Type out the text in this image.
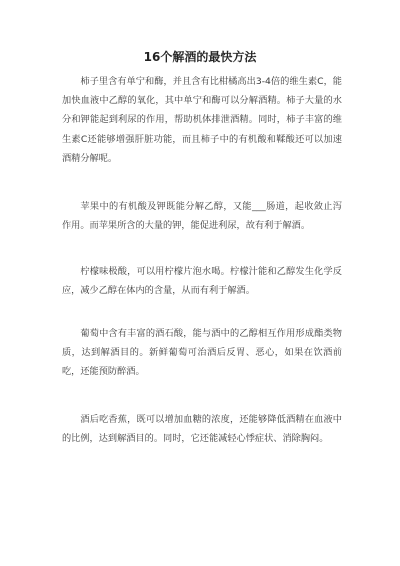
16个解酒的最快方法

柿子里含有单宁和酶，并且含有比柑橘高出3-4倍的维生素C，能加快血液中乙醇的氧化，其中单宁和酶可以分解酒精。柿子大量的水分和钾能起到利尿的作用，帮助机体排泄酒精。同时，柿子丰富的维生素C还能够增强肝脏功能，而且柿子中的有机酸和鞣酸还可以加速酒精分解呢。

苹果中的有机酸及钾既能分解乙醇，又能___肠道，起收敛止泻作用。而苹果所含的大量的钾，能促进利尿，故有利于解酒。

柠檬味极酸，可以用柠檬片泡水喝。柠檬汁能和乙醇发生化学反应，减少乙醇在体内的含量，从而有利于解酒。

葡萄中含有丰富的酒石酸，能与酒中的乙醇相互作用形成酯类物质，达到解酒目的。新鲜葡萄可治酒后反胃、恶心，如果在饮酒前吃，还能预防醉酒。

酒后吃香蕉，既可以增加血糖的浓度，还能够降低酒精在血液中的比例，达到解酒目的。同时，它还能减轻心悸症状、消除胸闷。
